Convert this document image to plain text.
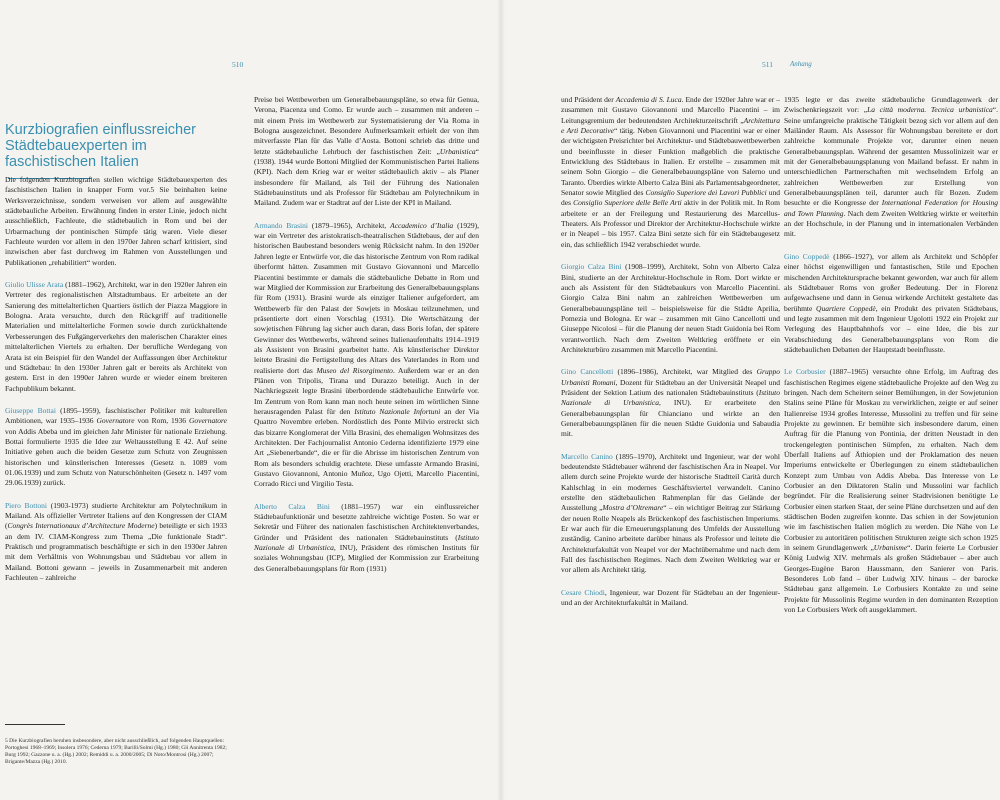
510	511 Anhang
Kurzbiografien einflussreicher Städtebauexperten im faschistischen Italien

Die folgenden Kurzbiografien stellen wichtige Städtebauexperten des faschistischen Italien in knapper Form vor.5 Sie beinhalten keine Werksverzeichnisse, sondern verweisen vor allem auf ausgewählte städtebauliche Arbeiten. Erwähnung finden in erster Linie, jedoch nicht ausschließlich, Fachleute, die städtebaulich in Rom und bei der Urbarmachung der pontinischen Sümpfe tätig waren. Viele dieser Fachleute wurden vor allem in den 1970er Jahren scharf kritisiert, sind inzwischen aber fast durchweg im Rahmen von Ausstellungen und Publikationen „rehabilitiert“ worden.

Giulio Ulisse Arata (1881–1962), Architekt, war in den 1920er Jahren ein Vertreter des regionalistischen Altstadtumbaus. Er arbeitete an der Sanierung des mittelalterlichen Quartiers östlich der Piazza Maggiore in Bologna. Arata versuchte, durch den Rückgriff auf traditionelle Materialien und mittelalterliche Formen sowie durch zurückhaltende Verbesserungen des Fußgängerverkehrs den malerischen Charakter eines mittelalterlichen Viertels zu erhalten. Der berufliche Werdegang von Arata ist ein Beispiel für den Wandel der Auffassungen über Architektur und Städtebau: In den 1930er Jahren galt er bereits als Architekt von gestern. Erst in den 1990er Jahren wurde er wieder einem breiteren Fachpublikum bekannt.

Giuseppe Bottai (1895–1959), faschistischer Politiker mit kulturellen Ambitionen, war 1935–1936 Governatore von Rom, 1936 Governatore von Addis Abeba und im gleichen Jahr Minister für nationale Erziehung. Bottai formulierte 1935 die Idee zur Weltausstellung E 42. Auf seine Initiative gehen auch die beiden Gesetze zum Schutz von Zeugnissen historischen und künstlerischen Interesses (Gesetz n. 1089 vom 01.06.1939) und zum Schutz von Naturschönheiten (Gesetz n. 1497 vom 29.06.1939) zurück.

Piero Bottoni (1903-1973) studierte Architektur am Polytechnikum in Mailand. Als offizieller Vertreter Italiens auf den Kongressen der CIAM (Congrès Internationaux d’Architecture Moderne) beteiligte er sich 1933 an dem IV. CIAM-Kongress zum Thema „Die funktionale Stadt“. Praktisch und programmatisch beschäftigte er sich in den 1930er Jahren mit dem Verhältnis von Wohnungsbau und Städtebau vor allem in Mailand. Bottoni gewann – jeweils in Zusammenarbeit mit anderen Fachleuten – zahlreiche

5 Die Kurzbiografien beruhen insbesondere, aber nicht ausschließlich, auf folgenden Hauptquellen: Portoghesi 1968–1969; Insolera 1976; Cederna 1979; Barilli/Solmi (Hg.) 1980; Gli Annitrenta 1982; Burg 1992; Gazzone u. a. (Hg.) 2002; Remiddi u. a. 2000/2005; Di Noto/Montrosi (Hg.) 2007; Brigante/Mazza (Hg.) 2010.

Preise bei Wettbewerben um Generalbebauungspläne, so etwa für Genua, Verona, Piacenza und Como. Er wurde auch – zusammen mit anderen – mit einem Preis im Wettbewerb zur Systematisierung der Via Roma in Bologna ausgezeichnet. Besondere Aufmerksamkeit erhielt der von ihm mitverfasste Plan für das Valle d’Aosta. Bottoni schrieb das dritte und letzte städtebauliche Lehrbuch der faschistischen Zeit: „Urbanistica“ (1938). 1944 wurde Bottoni Mitglied der Kommunistischen Partei Italiens (KPI). Nach dem Krieg war er weiter städtebaulich aktiv – als Planer insbesondere für Mailand, als Teil der Führung des Nationalen Städtebauinstituts und als Professor für Städtebau am Polytechnikum in Mailand. Zudem war er Stadtrat auf der Liste der KPI in Mailand.

Armando Brasini (1879–1965), Architekt, Accademico d’Italia (1929), war ein Vertreter des aristokratisch-theatralischen Städtebaus, der auf den historischen Baubestand besonders wenig Rücksicht nahm. In den 1920er Jahren legte er Entwürfe vor, die das historische Zentrum von Rom radikal überformt hätten. Zusammen mit Gustavo Giovannoni und Marcello Piacentini bestimmte er damals die städtebauliche Debatte in Rom und war Mitglied der Kommission zur Erarbeitung des Generalbebauungsplans für Rom (1931). Brasini wurde als einziger Italiener aufgefordert, am Wettbewerb für den Palast der Sowjets in Moskau teilzunehmen, und präsentierte dort einen Vorschlag (1931). Die Wertschätzung der sowjetischen Führung lag sicher auch daran, dass Boris Iofan, der spätere Gewinner des Wettbewerbs, während seines Italienaufenthalts 1914–1919 als Assistent von Brasini gearbeitet hatte. Als künstlerischer Direktor leitete Brasini die Fertigstellung des Altars des Vaterlandes in Rom und realisierte dort das Museo del Risorgimento. Außerdem war er an den Plänen von Tripolis, Tirana und Durazzo beteiligt. Auch in der Nachkriegszeit legte Brasini überbordende städtebauliche Entwürfe vor. Im Zentrum von Rom kann man noch heute seinen im wörtlichen Sinne herausragenden Palast für den Istituto Nazionale Infortuni an der Via Quattro Novembre erleben. Nordöstlich des Ponte Milvio erstreckt sich das bizarre Konglomerat der Villa Brasini, des ehemaligen Wohnsitzes des Architekten. Der Fachjournalist Antonio Cederna identifizierte 1979 eine Art „Siebenerbande“, die er für die Abrisse im historischen Zentrum von Rom als besonders schuldig erachtete. Diese umfasste Armando Brasini, Gustavo Giovannoni, Antonio Muñoz, Ugo Ojetti, Marcello Piacentini, Corrado Ricci und Virgilio Testa.

Alberto Calza Bini (1881–1957) war ein einflussreicher Städtebaufunktionär und besetzte zahlreiche wichtige Posten. So war er Sekretär und Führer des nationalen faschistischen Architektenverbandes, Gründer und Präsident des nationalen Städtebauinstituts (Istituto Nazionale di Urbanistica, INU), Präsident des römischen Instituts für soziales Wohnungsbau (ICP), Mitglied der Kommission zur Erarbeitung des Generalbebauungsplans für Rom (1931)

und Präsident der Accademia di S. Luca. Ende der 1920er Jahre war er – zusammen mit Gustavo Giovannoni und Marcello Piacentini – im Leitungsgremium der bedeutendsten Architekturzeitschrift „Architettura e Arti Decorative“ tätig. Neben Giovannoni und Piacentini war er einer der wichtigsten Preisrichter bei Architektur- und Städtebauwettbewerben und beeinflusste in dieser Funktion maßgeblich die praktische Entwicklung des Städtebaus in Italien. Er erstellte – zusammen mit seinem Sohn Giorgio – die Generalbebauungspläne von Salerno und Taranto. Überdies wirkte Alberto Calza Bini als Parlamentsabgeordneter, Senator sowie Mitglied des Consiglio Superiore dei Lavori Pubblici und des Consiglio Superiore delle Belle Arti aktiv in der Politik mit. In Rom arbeitete er an der Freilegung und Restaurierung des Marcellus-Theaters. Als Professor und Direktor der Architektur-Hochschule wirkte er in Neapel – bis 1957. Calza Bini setzte sich für ein Städtebaugesetz ein, das schließlich 1942 verabschiedet wurde.

Giorgio Calza Bini (1908–1999), Architekt, Sohn von Alberto Calza Bini, studierte an der Architektur-Hochschule in Rom. Dort wirkte er auch als Assistent für den Städtebaukurs von Marcello Piacentini. Giorgio Calza Bini nahm an zahlreichen Wettbewerben um Generalbebauungspläne teil – beispielsweise für die Städte Aprilia, Pomezia und Bologna. Er war – zusammen mit Gino Cancellotti und Giuseppe Nicolosi – für die Planung der neuen Stadt Guidonia bei Rom verantwortlich. Nach dem Zweiten Weltkrieg eröffnete er ein Architekturbüro zusammen mit Marcello Piacentini.

Gino Cancellotti (1896–1986), Architekt, war Mitglied des Gruppo Urbanisti Romani, Dozent für Städtebau an der Universität Neapel und Präsident der Sektion Latium des nationalen Städtebauinstituts (Istituto Nazionale di Urbanistica, INU). Er erarbeitete den Generalbebauungsplan für Chianciano und wirkte an den Generalbebauungsplänen für die neuen Städte Guidonia und Sabaudia mit.

Marcello Canino (1895–1970), Architekt und Ingenieur, war der wohl bedeutendste Städtebauer während der faschistischen Ära in Neapel. Vor allem durch seine Projekte wurde der historische Stadtteil Carità durch Kahlschlag in ein modernes Geschäftsviertel verwandelt. Canino erstellte den städtebaulichen Rahmenplan für das Gelände der Ausstellung „Mostra d’Oltremare“ – ein wichtiger Beitrag zur Stärkung der neuen Rolle Neapels als Brückenkopf des faschistischen Imperiums. Er war auch für die Erneuerungsplanung des Umfelds der Ausstellung zuständig. Canino arbeitete darüber hinaus als Professor und leitete die Architekturfakultät von Neapel vor der Machtübernahme und nach dem Fall des faschistischen Regimes. Nach dem Zweiten Weltkrieg war er vor allem als Architekt tätig.

Cesare Chiodi, Ingenieur, war Dozent für Städtebau an der Ingenieur- und an der Architekturfakultät in Mailand.

1935 legte er das zweite städtebauliche Grundlagenwerk der Zwischenkriegszeit vor: „La città moderna. Tecnica urbanistica“. Seine umfangreiche praktische Tätigkeit bezog sich vor allem auf den Mailänder Raum. Als Assessor für Wohnungsbau bereitete er dort zahlreiche kommunale Projekte vor, darunter einen neuen Generalbebauungsplan. Während der gesamten Mussolinizeit war er mit der Generalbebauungsplanung von Mailand befasst. Er nahm in unterschiedlichen Partnerschaften mit wechselndem Erfolg an zahlreichen Wettbewerben zur Erstellung von Generalbebauungsplänen teil, darunter auch für Bozen. Zudem besuchte er die Kongresse der International Federation for Housing and Town Planning. Nach dem Zweiten Weltkrieg wirkte er weiterhin an der Hochschule, in der Planung und in internationalen Verbänden mit.

Gino Coppedè (1866–1927), vor allem als Architekt und Schöpfer einer höchst eigenwilligen und fantastischen, Stile und Epochen mischenden Architektursprache bekannt geworden, war auch für allem als Städtebauer Roms von großer Bedeutung. Der in Florenz aufgewachsene und dann in Genua wirkende Architekt gestaltete das berühmte Quartiere Coppedè, ein Produkt des privaten Städtebaus, und legte zusammen mit dem Ingenieur Ugolotti 1922 ein Projekt zur Verlegung des Hauptbahnhofs vor – eine Idee, die bis zur Verabschiedung des Generalbebauungsplans von Rom die städtebaulichen Debatten der Hauptstadt beeinflusste.

Le Corbusier (1887–1965) versuchte ohne Erfolg, im Auftrag des faschistischen Regimes eigene städtebauliche Projekte auf den Weg zu bringen. Nach dem Scheitern seiner Bemühungen, in der Sowjetunion Stalins seine Pläne für Moskau zu verwirklichen, zeigte er auf seiner Italienreise 1934 großes Interesse, Mussolini zu treffen und für seine Projekte zu gewinnen. Er bemühte sich insbesondere darum, einen Auftrag für die Planung von Pontinia, der dritten Neustadt in den trockengelegten pontinischen Sümpfen, zu erhalten. Nach dem Überfall Italiens auf Äthiopien und der Proklamation des neuen Imperiums entwickelte er Überlegungen zu einem städtebaulichen Konzept zum Umbau von Addis Abeba. Das Interesse von Le Corbusier an den Diktatoren Stalin und Mussolini war fachlich begründet. Für die Realisierung seiner Stadtvisionen benötigte Le Corbusier einen starken Staat, der seine Pläne durchsetzen und auf den städtischen Boden zugreifen konnte. Das schien in der Sowjetunion wie im faschistischen Italien möglich zu werden. Die Nähe von Le Corbusier zu autoritären politischen Strukturen zeigte sich schon 1925 in seinem Grundlagenwerk „Urbanisme“. Darin feierte Le Corbusier König Ludwig XIV. mehrmals als großen Städtebauer – aber auch Georges-Eugène Baron Haussmann, den Sanierer von Paris. Besonderes Lob fand – über Ludwig XIV. hinaus – der barocke Städtebau ganz allgemein. Le Corbusiers Kontakte zu und seine Projekte für Mussolinis Regime wurden in den dominanten Rezeption von Le Corbusiers Werk oft ausgeklammert.
